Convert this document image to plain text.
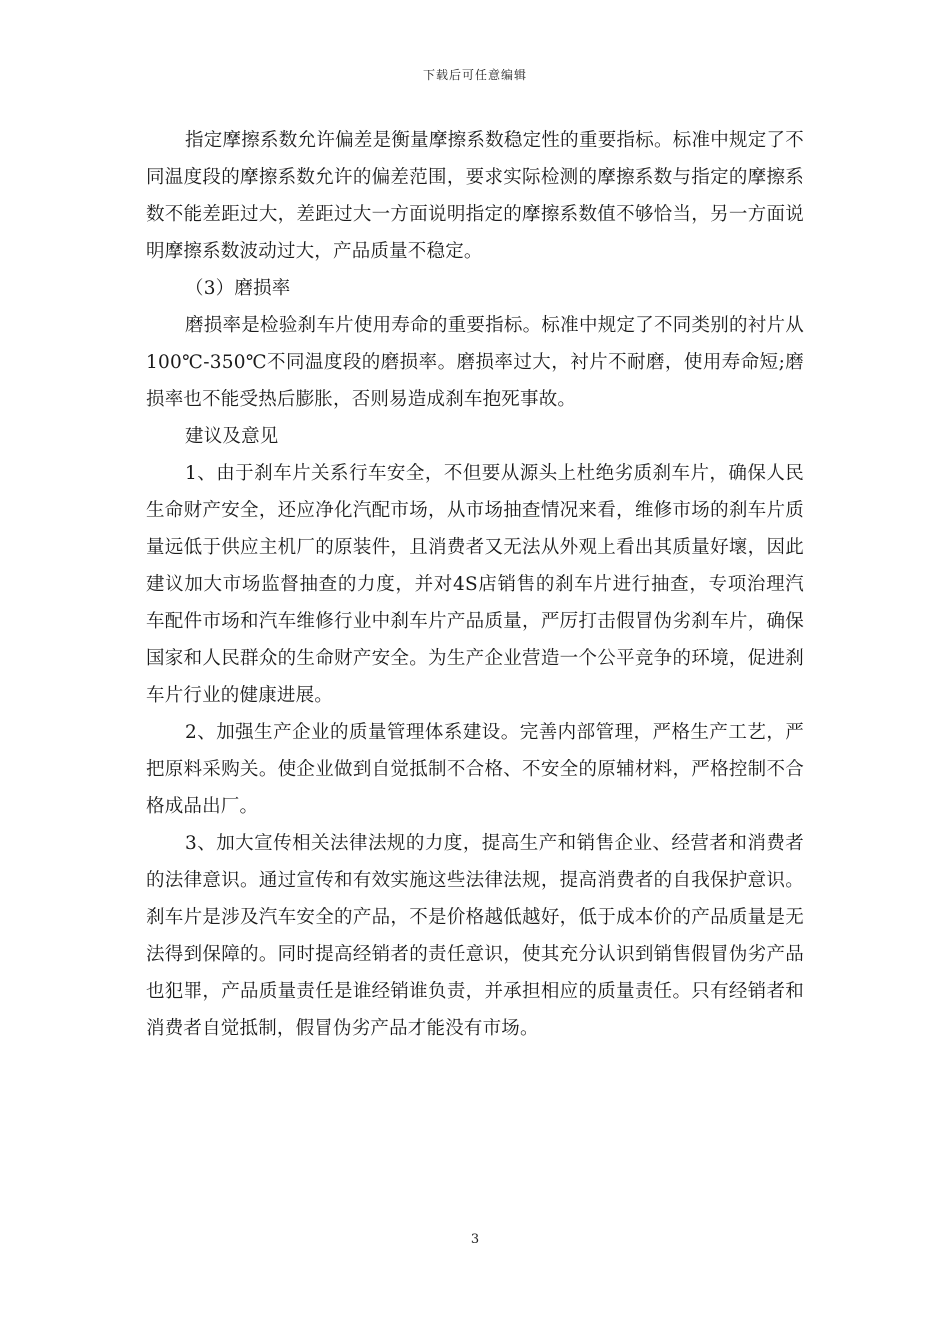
下载后可任意编辑

指定摩擦系数允许偏差是衡量摩擦系数稳定性的重要指标。标准中规定了不同温度段的摩擦系数允许的偏差范围，要求实际检测的摩擦系数与指定的摩擦系数不能差距过大，差距过大一方面说明指定的摩擦系数值不够恰当，另一方面说明摩擦系数波动过大，产品质量不稳定。

（3）磨损率

磨损率是检验刹车片使用寿命的重要指标。标准中规定了不同类别的衬片从100℃-350℃不同温度段的磨损率。磨损率过大，衬片不耐磨，使用寿命短;磨损率也不能受热后膨胀，否则易造成刹车抱死事故。

建议及意见

1、由于刹车片关系行车安全，不但要从源头上杜绝劣质刹车片，确保人民生命财产安全，还应净化汽配市场，从市场抽查情况来看，维修市场的刹车片质量远低于供应主机厂的原装件，且消费者又无法从外观上看出其质量好壞，因此建议加大市场监督抽查的力度，并对4S店销售的刹车片进行抽查，专项治理汽车配件市场和汽车维修行业中刹车片产品质量，严厉打击假冒伪劣刹车片，确保国家和人民群众的生命财产安全。为生产企业营造一个公平竞争的环境，促进刹车片行业的健康进展。

2、加强生产企业的质量管理体系建设。完善内部管理，严格生产工艺，严把原料采购关。使企业做到自觉抵制不合格、不安全的原辅材料，严格控制不合格成品出厂。

3、加大宣传相关法律法规的力度，提高生产和销售企业、经营者和消费者的法律意识。通过宣传和有效实施这些法律法规，提高消费者的自我保护意识。刹车片是涉及汽车安全的产品，不是价格越低越好，低于成本价的产品质量是无法得到保障的。同时提高经销者的责任意识，使其充分认识到销售假冒伪劣产品也犯罪，产品质量责任是谁经销谁负责，并承担相应的质量责任。只有经销者和消费者自觉抵制，假冒伪劣产品才能没有市场。

3
